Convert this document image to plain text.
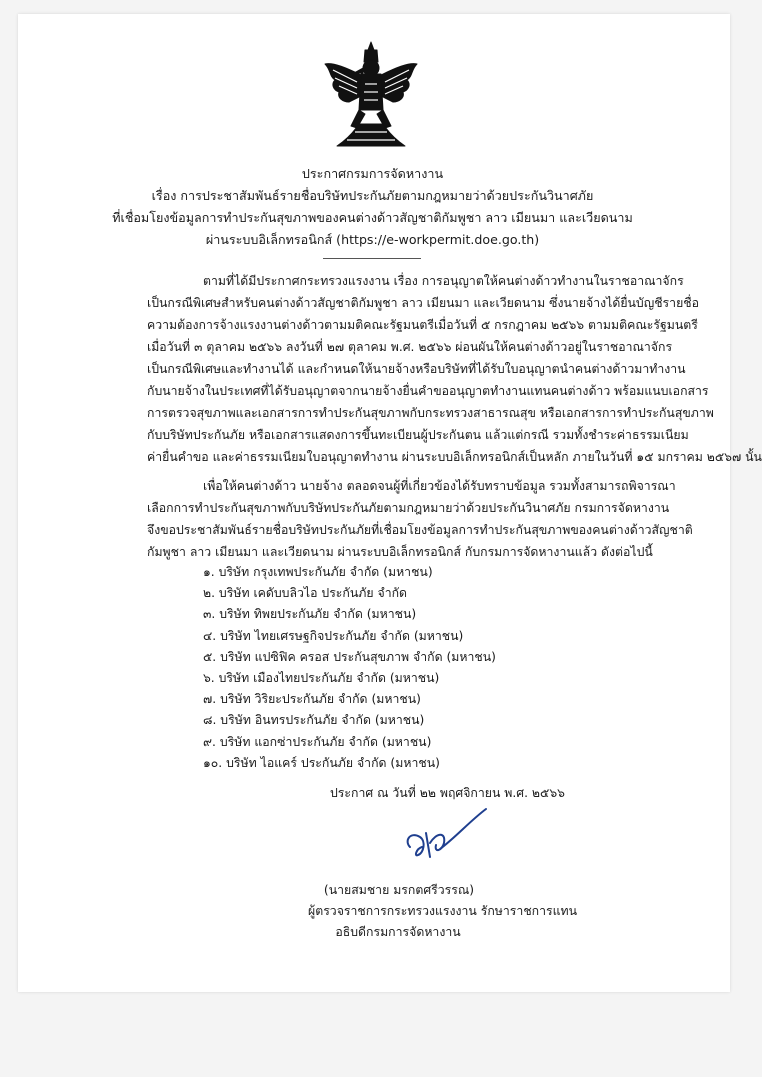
ประกาศกรมการจัดหางาน
เรื่อง การประชาสัมพันธ์รายชื่อบริษัทประกันภัยตามกฎหมายว่าด้วยประกันวินาศภัย
ที่เชื่อมโยงข้อมูลการทำประกันสุขภาพของคนต่างด้าวสัญชาติกัมพูชา ลาว เมียนมา และเวียดนาม
ผ่านระบบอิเล็กทรอนิกส์ (https://e-workpermit.doe.go.th)
ตามที่ได้มีประกาศกระทรวงแรงงาน เรื่อง การอนุญาตให้คนต่างด้าวทำงานในราชอาณาจักร
เป็นกรณีพิเศษสำหรับคนต่างด้าวสัญชาติกัมพูชา ลาว เมียนมา และเวียดนาม ซึ่งนายจ้างได้ยื่นบัญชีรายชื่อ
ความต้องการจ้างแรงงานต่างด้าวตามมติคณะรัฐมนตรีเมื่อวันที่ ๕ กรกฎาคม ๒๕๖๖ ตามมติคณะรัฐมนตรี
เมื่อวันที่ ๓ ตุลาคม ๒๕๖๖ ลงวันที่ ๒๗ ตุลาคม พ.ศ. ๒๕๖๖ ผ่อนผันให้คนต่างด้าวอยู่ในราชอาณาจักร
เป็นกรณีพิเศษและทำงานได้ และกำหนดให้นายจ้างหรือบริษัทที่ได้รับใบอนุญาตนำคนต่างด้าวมาทำงาน
กับนายจ้างในประเทศที่ได้รับอนุญาตจากนายจ้างยื่นคำขออนุญาตทำงานแทนคนต่างด้าว พร้อมแนบเอกสาร
การตรวจสุขภาพและเอกสารการทำประกันสุขภาพกับกระทรวงสาธารณสุข หรือเอกสารการทำประกันสุขภาพ
กับบริษัทประกันภัย หรือเอกสารแสดงการขึ้นทะเบียนผู้ประกันตน แล้วแต่กรณี รวมทั้งชำระค่าธรรมเนียม
ค่ายื่นคำขอ และค่าธรรมเนียมใบอนุญาตทำงาน ผ่านระบบอิเล็กทรอนิกส์เป็นหลัก ภายในวันที่ ๑๕ มกราคม ๒๕๖๗ นั้น
เพื่อให้คนต่างด้าว นายจ้าง ตลอดจนผู้ที่เกี่ยวข้องได้รับทราบข้อมูล รวมทั้งสามารถพิจารณา
เลือกการทำประกันสุขภาพกับบริษัทประกันภัยตามกฎหมายว่าด้วยประกันวินาศภัย กรมการจัดหางาน
จึงขอประชาสัมพันธ์รายชื่อบริษัทประกันภัยที่เชื่อมโยงข้อมูลการทำประกันสุขภาพของคนต่างด้าวสัญชาติ
กัมพูชา ลาว เมียนมา และเวียดนาม ผ่านระบบอิเล็กทรอนิกส์ กับกรมการจัดหางานแล้ว ดังต่อไปนี้
๑. บริษัท กรุงเทพประกันภัย จำกัด (มหาชน)
๒. บริษัท เคดับบลิวไอ ประกันภัย จำกัด
๓. บริษัท ทิพยประกันภัย จำกัด (มหาชน)
๔. บริษัท ไทยเศรษฐกิจประกันภัย จำกัด (มหาชน)
๕. บริษัท แปซิฟิค ครอส ประกันสุขภาพ จำกัด (มหาชน)
๖. บริษัท เมืองไทยประกันภัย จำกัด (มหาชน)
๗. บริษัท วิริยะประกันภัย จำกัด (มหาชน)
๘. บริษัท อินทรประกันภัย จำกัด (มหาชน)
๙. บริษัท แอกซ่าประกันภัย จำกัด (มหาชน)
๑๐. บริษัท ไอแคร์ ประกันภัย จำกัด (มหาชน)
ประกาศ ณ วันที่ ๒๒ พฤศจิกายน พ.ศ. ๒๕๖๖
(นายสมชาย มรกตศรีวรรณ)
ผู้ตรวจราชการกระทรวงแรงงาน รักษาราชการแทน
อธิบดีกรมการจัดหางาน
